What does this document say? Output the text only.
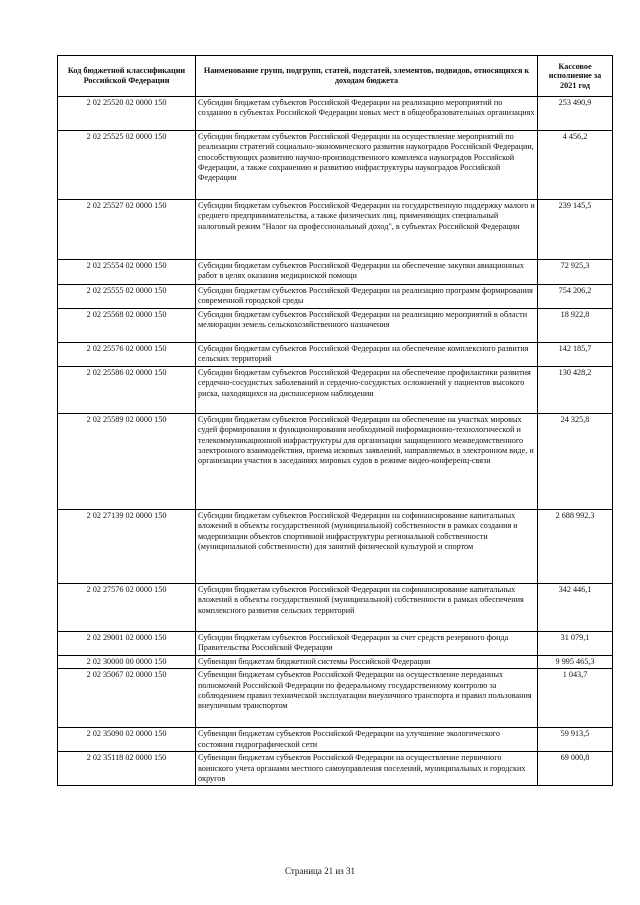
Код бюджетной классификации Российской Федерации	Наименование групп, подгрупп, статей, подстатей, элементов, подвидов, относящихся к доходам бюджета	Кассовое исполнение за 2021 год
2 02 25520 02 0000 150	Субсидии бюджетам субъектов Российской Федерации на реализацию мероприятий по созданию в субъектах Российской Федерации новых мест в общеобразовательных организациях	253 490,9
2 02 25525 02 0000 150	Субсидии бюджетам субъектов Российской Федерации на осуществление мероприятий по реализации стратегий социально-экономического развития наукоградов Российской Федерации, способствующих развитию научно-производственного комплекса наукоградов Российской Федерации, а также сохранению и развитию инфраструктуры наукоградов Российской Федерации	4 456,2
2 02 25527 02 0000 150	Субсидии бюджетам субъектов Российской Федерации на государственную поддержку малого и среднего предпринимательства, а также физических лиц, применяющих специальный налоговый режим "Налог на профессиональный доход", в субъектах Российской Федерации	239 145,5
2 02 25554 02 0000 150	Субсидии бюджетам субъектов Российской Федерации на обеспечение закупки авиационных работ в целях оказания медицинской помощи	72 925,3
2 02 25555 02 0000 150	Субсидии бюджетам субъектов Российской Федерации на реализацию программ формирования современной городской среды	754 206,2
2 02 25568 02 0000 150	Субсидии бюджетам субъектов Российской Федерации на реализацию мероприятий в области мелиорации земель сельскохозяйственного назначения	18 922,8
2 02 25576 02 0000 150	Субсидии бюджетам субъектов Российской Федерации на обеспечение комплексного развития сельских территорий	142 185,7
2 02 25586 02 0000 150	Субсидии бюджетам субъектов Российской Федерации на обеспечение профилактики развития сердечно-сосудистых заболеваний и сердечно-сосудистых осложнений у пациентов высокого риска, находящихся на диспансерном наблюдении	130 428,2
2 02 25589 02 0000 150	Субсидии бюджетам субъектов Российской Федерации на обеспечение на участках мировых судей формирования и функционирования необходимой информационно-технологической и телекоммуникационной инфраструктуры для организации защищенного межведомственного электронного взаимодействия, приема исковых заявлений, направляемых в электронном виде, и организации участия в заседаниях мировых судов в режиме видео-конференц-связи	24 325,8
2 02 27139 02 0000 150	Субсидии бюджетам субъектов Российской Федерации на софинансирование капитальных вложений в объекты государственной (муниципальной) собственности в рамках создания и модернизации объектов спортивной инфраструктуры региональной собственности (муниципальной собственности) для занятий физической культурой и спортом	2 688 992,3
2 02 27576 02 0000 150	Субсидии бюджетам субъектов Российской Федерации на софинансирование капитальных вложений в объекты государственной (муниципальной) собственности в рамках обеспечения комплексного развития сельских территорий	342 446,1
2 02 29001 02 0000 150	Субсидии бюджетам субъектов Российской Федерации за счет средств резервного фонда Правительства Российской Федерации	31 079,1
2 02 30000 00 0000 150	Субвенции бюджетам бюджетной системы Российской Федерации	9 995 465,3
2 02 35067 02 0000 150	Субвенции бюджетам субъектов Российской Федерации на осуществление переданных полномочий Российской Федерации по федеральному государственному контролю за соблюдением правил технической эксплуатации внеуличного транспорта и правил пользования внеуличным транспортом	1 043,7
2 02 35090 02 0000 150	Субвенции бюджетам субъектов Российской Федерации на улучшение экологического состояния гидрографической сети	59 913,5
2 02 35118 02 0000 150	Субвенции бюджетам субъектов Российской Федерации на осуществление первичного воинского учета органами местного самоуправления поселений, муниципальных и городских округов	69 000,8
Страница 21 из 31
